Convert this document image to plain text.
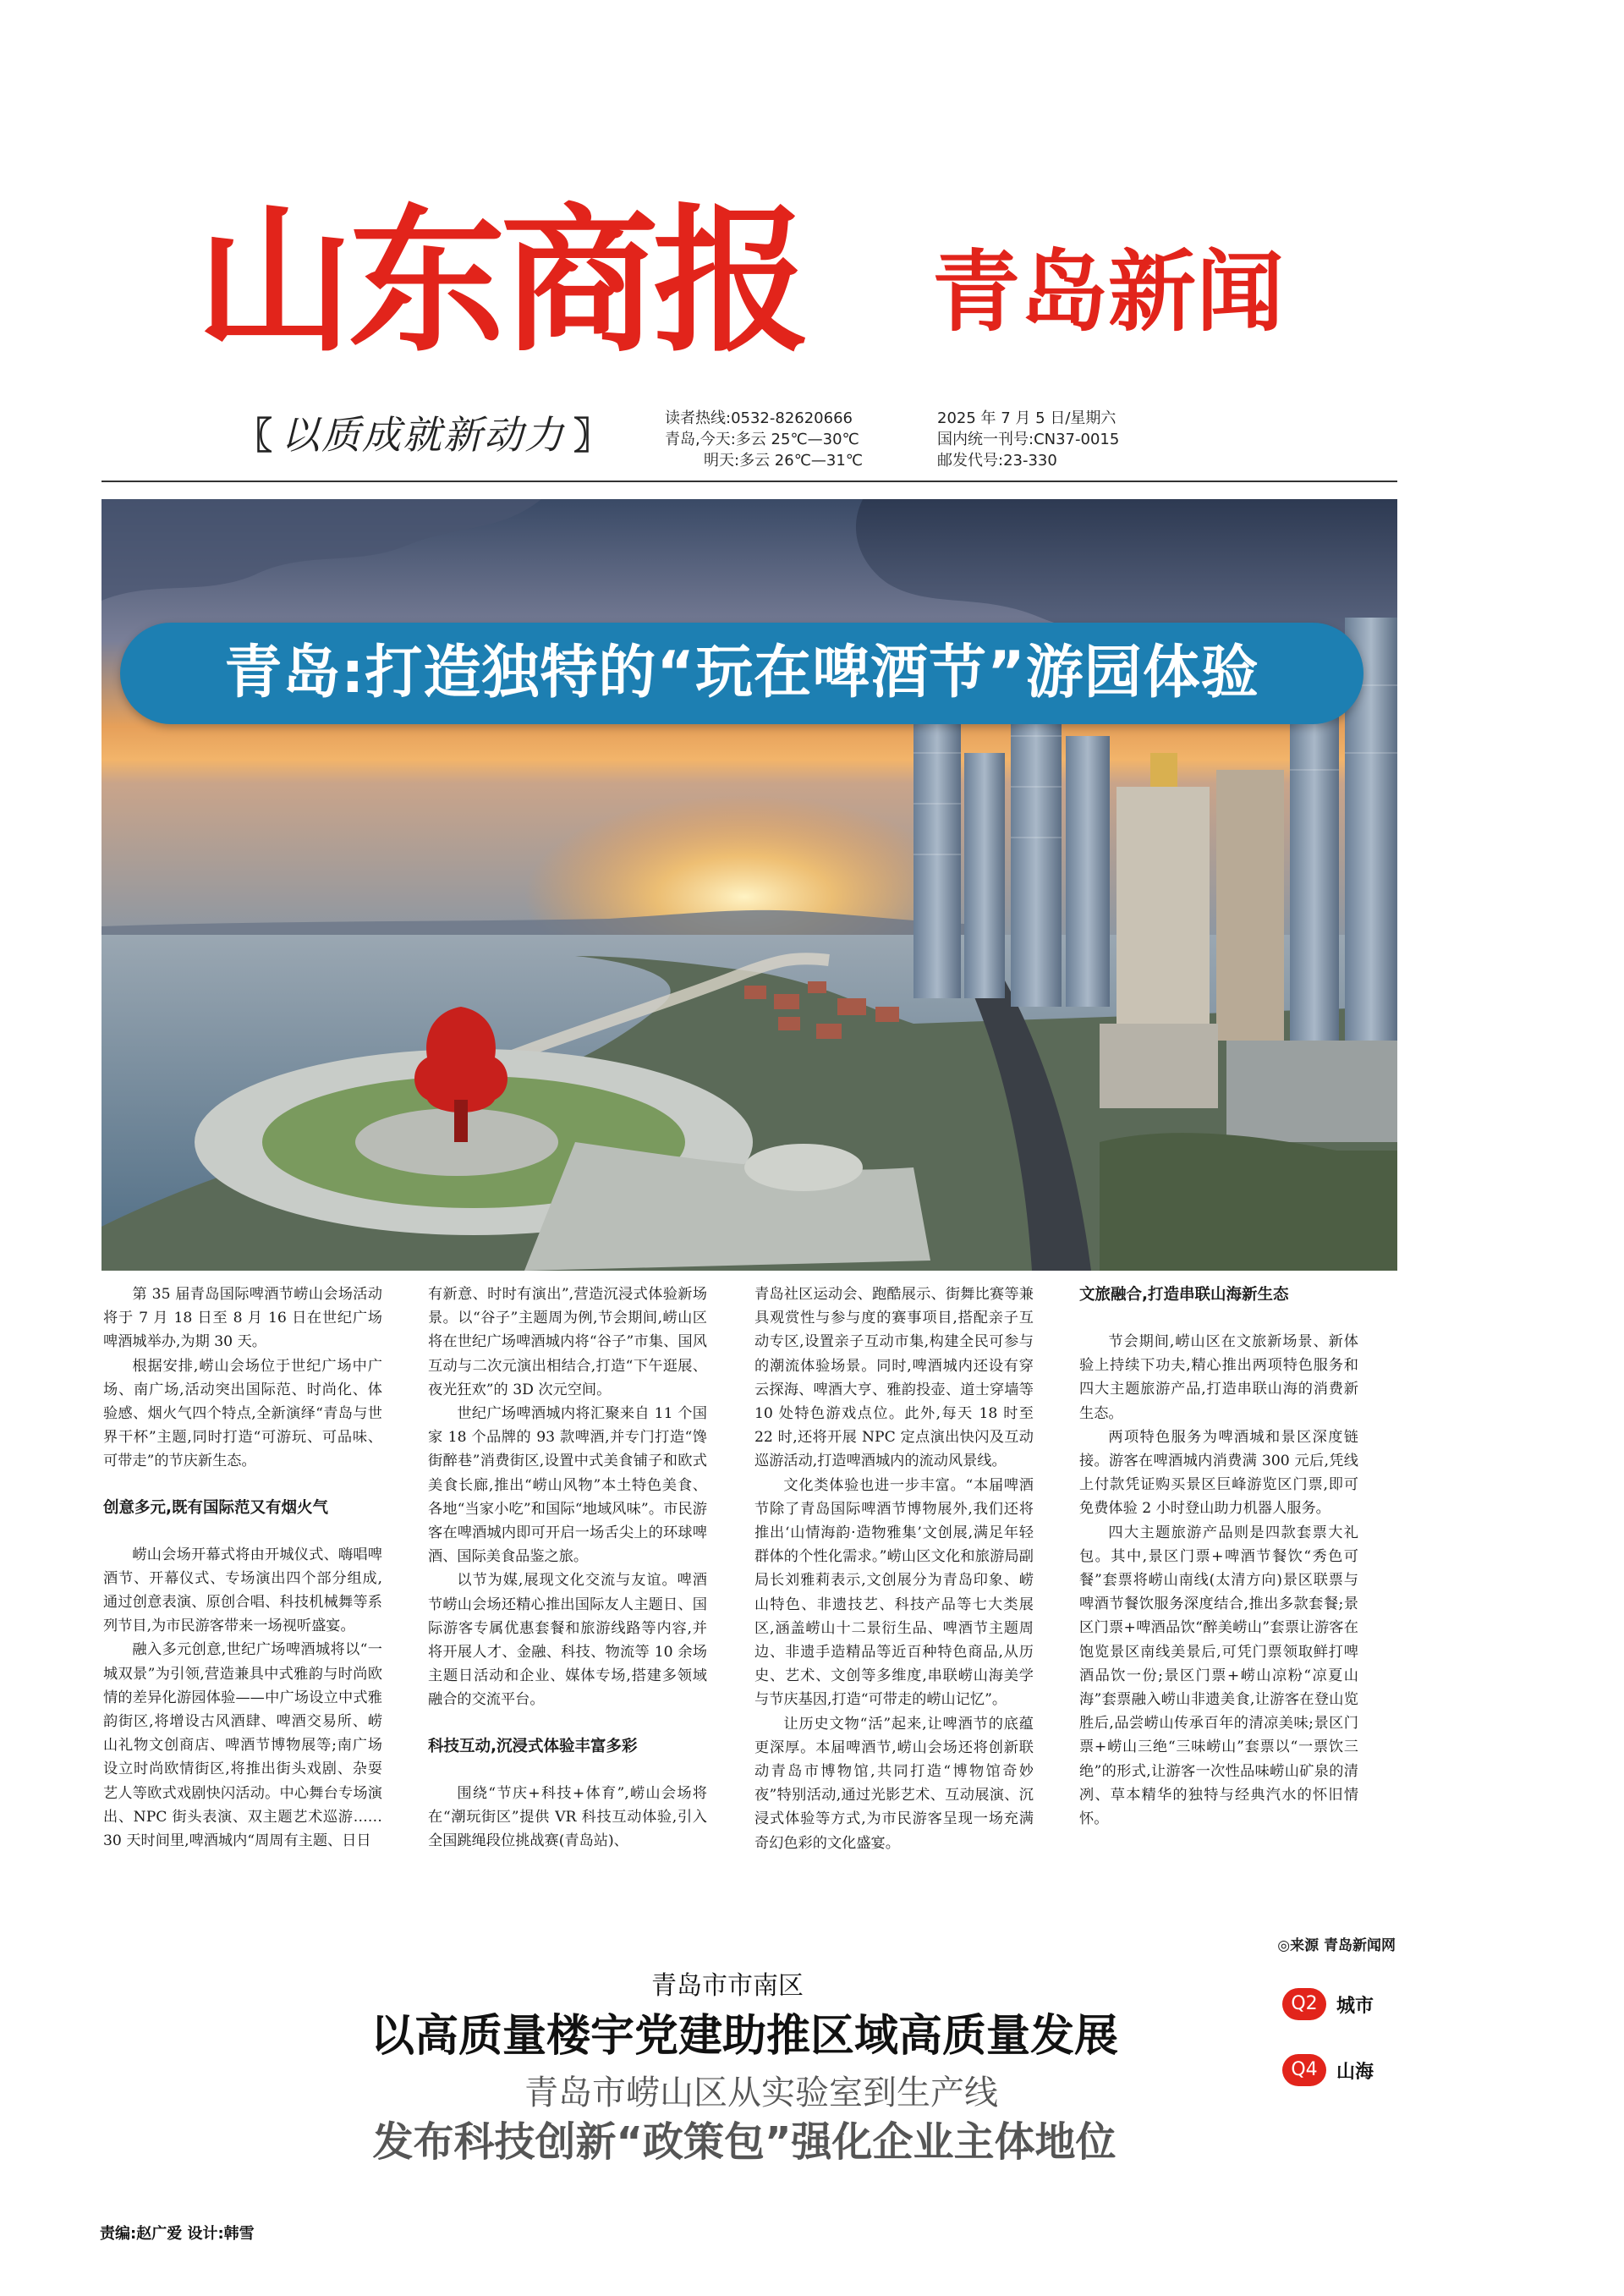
山东商报	青岛新闻
〖 以质成就新动力 〗	读者热线:0532-82620666
青岛,今天:多云 25℃—30℃
明天:多云 26℃—31℃
2025 年 7 月 5 日/星期六
国内统一刊号:CN37-0015
邮发代号:23-330
青岛:打造独特的“玩在啤酒节”游园体验

第 35 届青岛国际啤酒节崂山会场活动将于 7 月 18 日至 8 月 16 日在世纪广场啤酒城举办,为期 30 天。

根据安排,崂山会场位于世纪广场中广场、南广场,活动突出国际范、时尚化、体验感、烟火气四个特点,全新演绎“青岛与世界干杯”主题,同时打造“可游玩、可品味、可带走”的节庆新生态。

创意多元,既有国际范又有烟火气

崂山会场开幕式将由开城仪式、嗨唱啤酒节、开幕仪式、专场演出四个部分组成,通过创意表演、原创合唱、科技机械舞等系列节目,为市民游客带来一场视听盛宴。

融入多元创意,世纪广场啤酒城将以“一城双景”为引领,营造兼具中式雅韵与时尚欧情的差异化游园体验——中广场设立中式雅韵街区,将增设古风酒肆、啤酒交易所、崂山礼物文创商店、啤酒节博物展等;南广场设立时尚欧情街区,将推出街头戏剧、杂耍艺人等欧式戏剧快闪活动。中心舞台专场演出、NPC 街头表演、双主题艺术巡游……30 天时间里,啤酒城内“周周有主题、日日

有新意、时时有演出”,营造沉浸式体验新场景。以“谷子”主题周为例,节会期间,崂山区将在世纪广场啤酒城内将“谷子”市集、国风互动与二次元演出相结合,打造“下午逛展、夜光狂欢”的 3D 次元空间。

世纪广场啤酒城内将汇聚来自 11 个国家 18 个品牌的 93 款啤酒,并专门打造“馋街醉巷”消费街区,设置中式美食铺子和欧式美食长廊,推出“崂山风物”本土特色美食、各地“当家小吃”和国际“地域风味”。市民游客在啤酒城内即可开启一场舌尖上的环球啤酒、国际美食品鉴之旅。

以节为媒,展现文化交流与友谊。啤酒节崂山会场还精心推出国际友人主题日、国际游客专属优惠套餐和旅游线路等内容,并将开展人才、金融、科技、物流等 10 余场主题日活动和企业、媒体专场,搭建多领域融合的交流平台。

科技互动,沉浸式体验丰富多彩

围绕“节庆+科技+体育”,崂山会场将在“潮玩街区”提供 VR 科技互动体验,引入全国跳绳段位挑战赛(青岛站)、

青岛社区运动会、跑酷展示、街舞比赛等兼具观赏性与参与度的赛事项目,搭配亲子互动专区,设置亲子互动市集,构建全民可参与的潮流体验场景。同时,啤酒城内还设有穿云探海、啤酒大亨、雅韵投壶、道士穿墙等 10 处特色游戏点位。此外,每天 18 时至 22 时,还将开展 NPC 定点演出快闪及互动巡游活动,打造啤酒城内的流动风景线。

文化类体验也进一步丰富。“本届啤酒节除了青岛国际啤酒节博物展外,我们还将推出‘山情海韵·造物雅集’文创展,满足年轻群体的个性化需求。”崂山区文化和旅游局副局长刘雅莉表示,文创展分为青岛印象、崂山特色、非遗技艺、科技产品等七大类展区,涵盖崂山十二景衍生品、啤酒节主题周边、非遗手造精品等近百种特色商品,从历史、艺术、文创等多维度,串联崂山海美学与节庆基因,打造“可带走的崂山记忆”。

让历史文物“活”起来,让啤酒节的底蕴更深厚。本届啤酒节,崂山会场还将创新联动青岛市博物馆,共同打造“博物馆奇妙夜”特别活动,通过光影艺术、互动展演、沉浸式体验等方式,为市民游客呈现一场充满奇幻色彩的文化盛宴。

文旅融合,打造串联山海新生态

节会期间,崂山区在文旅新场景、新体验上持续下功夫,精心推出两项特色服务和四大主题旅游产品,打造串联山海的消费新生态。

两项特色服务为啤酒城和景区深度链接。游客在啤酒城内消费满 300 元后,凭线上付款凭证购买景区巨峰游览区门票,即可免费体验 2 小时登山助力机器人服务。

四大主题旅游产品则是四款套票大礼包。其中,景区门票+啤酒节餐饮“秀色可餐”套票将崂山南线(太清方向)景区联票与啤酒节餐饮服务深度结合,推出多款套餐;景区门票+啤酒品饮“醉美崂山”套票让游客在饱览景区南线美景后,可凭门票领取鲜打啤酒品饮一份;景区门票+崂山凉粉“凉夏山海”套票融入崂山非遗美食,让游客在登山览胜后,品尝崂山传承百年的清凉美味;景区门票+崂山三绝“三味崂山”套票以“一票饮三绝”的形式,让游客一次性品味崂山矿泉的清冽、草本精华的独特与经典汽水的怀旧情怀。

◎来源 青岛新闻网
青岛市市南区
以高质量楼宇党建助推区域高质量发展
青岛市崂山区从实验室到生产线
发布科技创新“政策包”强化企业主体地位
Q2	城市
Q4	山海
责编:赵广爱 设计:韩雪
